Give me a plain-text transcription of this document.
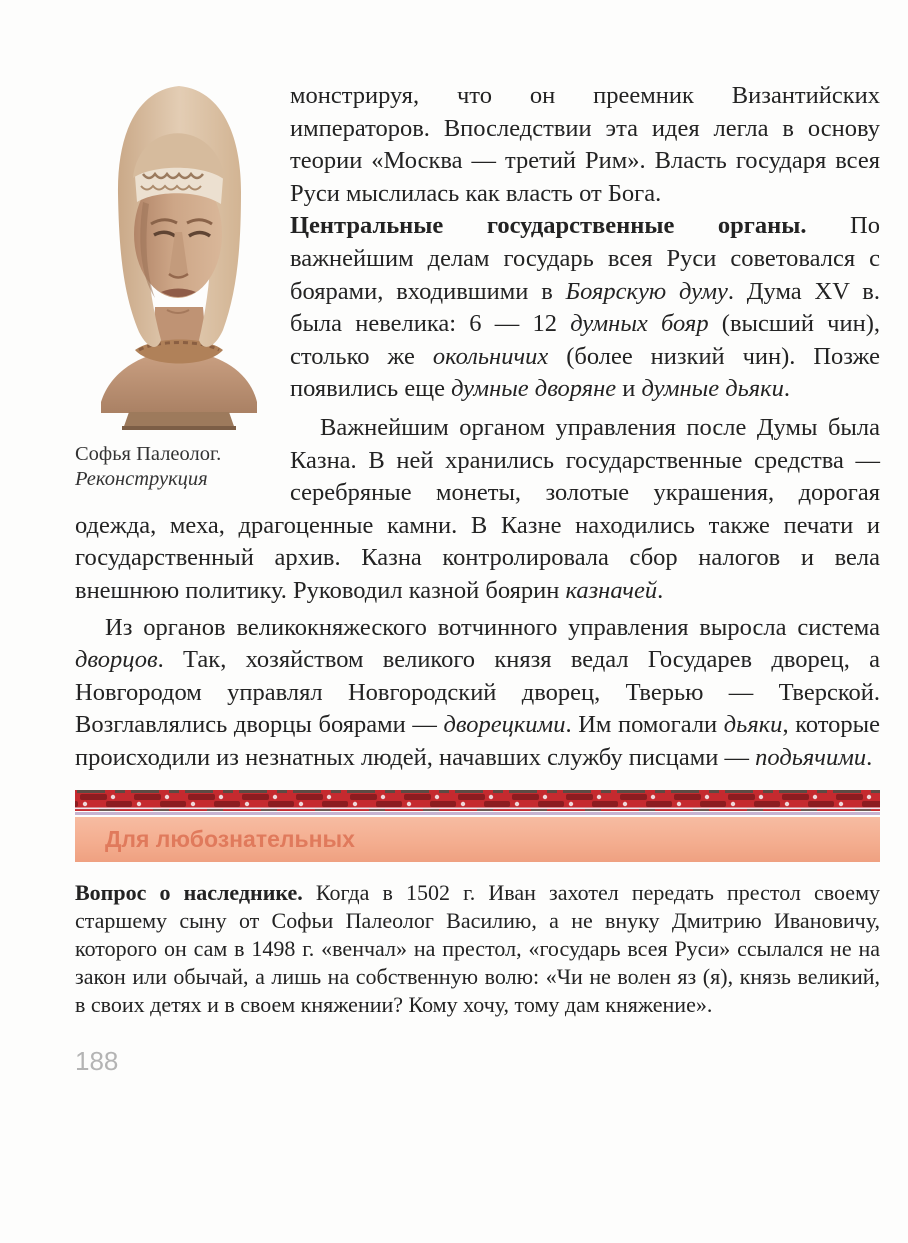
Софья Палеолог.
Реконструкция

монстрируя, что он преемник Византийских императоров. Впоследствии эта идея легла в основу теории «Москва — третий Рим». Власть государя всея Руси мыслилась как власть от Бога.

Центральные государственные органы. По важнейшим делам государь всея Руси советовался с боярами, входившими в Боярскую думу. Дума XV в. была невелика: 6 — 12 думных бояр (высший чин), столько же окольничих (более низкий чин). Позже появились еще думные дворяне и думные дьяки.

Важнейшим органом управления после Думы была Казна. В ней хранились государственные средства — серебряные монеты, золотые украшения, дорогая одежда, меха, драгоценные камни. В Казне находились также печати и государственный архив. Казна контролировала сбор налогов и вела внешнюю политику. Руководил казной боярин казначей.

Из органов великокняжеского вотчинного управления выросла система дворцов. Так, хозяйством великого князя ведал Государев дворец, а Новгородом управлял Новгородский дворец, Тверью — Тверской. Возглавлялись дворцы боярами — дворецкими. Им помогали дьяки, которые происходили из незнатных людей, начавших службу писцами — подьячими.

Для любознательных

Вопрос о наследнике. Когда в 1502 г. Иван захотел передать престол своему старшему сыну от Софьи Палеолог Василию, а не внуку Дмитрию Ивановичу, которого он сам в 1498 г. «венчал» на престол, «государь всея Руси» ссылался не на закон или обычай, а лишь на собственную волю: «Чи не волен яз (я), князь великий, в своих детях и в своем княжении? Кому хочу, тому дам княжение».

188
